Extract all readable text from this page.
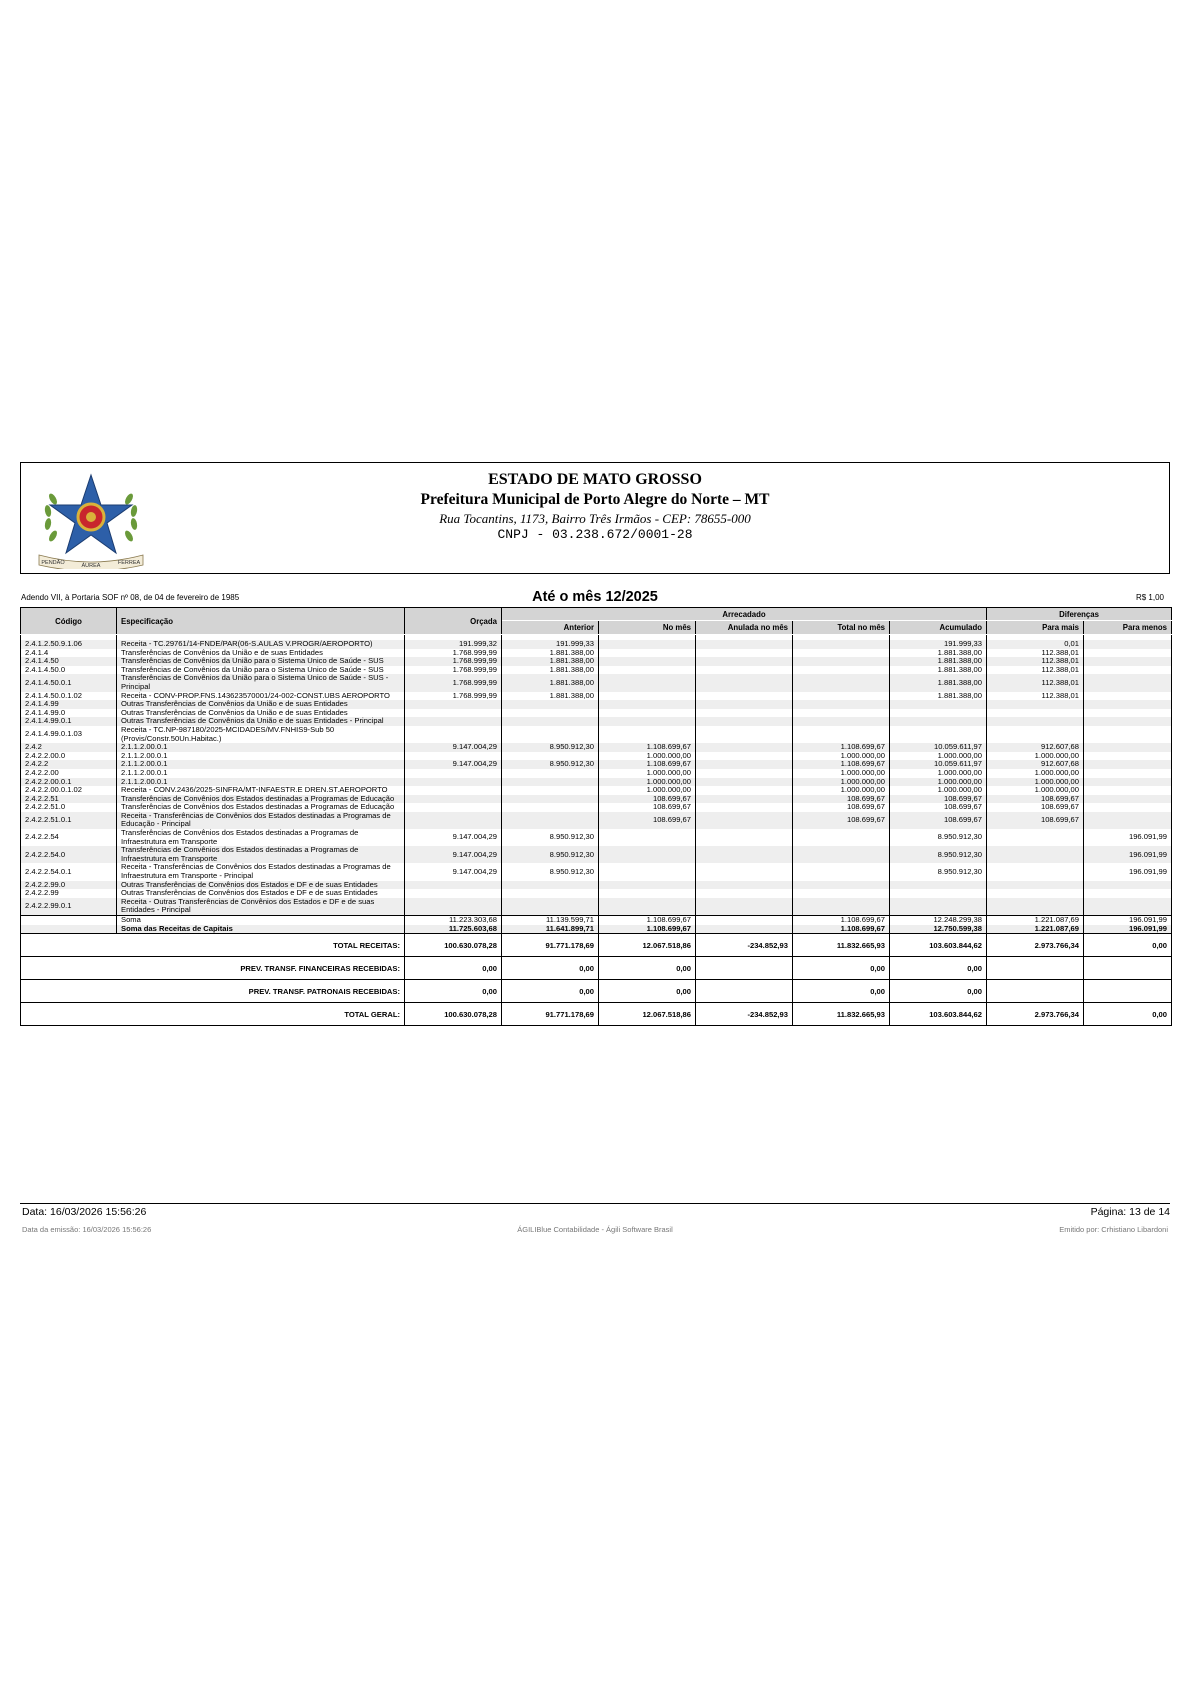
PENDÃO	ÁUREA	FERREA
ESTADO DE MATO GROSSO
Prefeitura Municipal de Porto Alegre do Norte – MT
Rua Tocantins, 1173, Bairro Três Irmãos - CEP: 78655-000
CNPJ - 03.238.672/0001-28
Adendo VII, à Portaria SOF nº 08, de 04 de fevereiro de 1985	Até o mês 12/2025	R$ 1,00
Código	Especificação	Orçada	Arrecadado					Diferenças	
			Anterior	No mês	Anulada no mês	Total no mês	Acumulado	Para mais	Para menos

2.4.1.2.50.9.1.06	Receita - TC.29761/14-FNDE/PAR(06-S.AULAS V.PROGR/AEROPORTO)	191.999,32	191.999,33				191.999,33	0,01	
2.4.1.4	Transferências de Convênios da União e de suas Entidades	1.768.999,99	1.881.388,00				1.881.388,00	112.388,01	
2.4.1.4.50	Transferências de Convênios da União para o Sistema Único de Saúde - SUS	1.768.999,99	1.881.388,00				1.881.388,00	112.388,01	
2.4.1.4.50.0	Transferências de Convênios da União para o Sistema Único de Saúde - SUS	1.768.999,99	1.881.388,00				1.881.388,00	112.388,01	
2.4.1.4.50.0.1	Transferências de Convênios da União para o Sistema Único de Saúde - SUS - Principal	1.768.999,99	1.881.388,00				1.881.388,00	112.388,01	
2.4.1.4.50.0.1.02	Receita - CONV-PROP.FNS.143623570001/24-002-CONST.UBS AEROPORTO	1.768.999,99	1.881.388,00				1.881.388,00	112.388,01	
2.4.1.4.99	Outras Transferências de Convênios da União e de suas Entidades								
2.4.1.4.99.0	Outras Transferências de Convênios da União e de suas Entidades								
2.4.1.4.99.0.1	Outras Transferências de Convênios da União e de suas Entidades - Principal								
2.4.1.4.99.0.1.03	Receita - TC.NP-987180/2025-MCIDADES/MV.FNHIS9-Sub 50 (Provis/Constr.50Un.Habitac.)								
2.4.2	2.1.1.2.00.0.1	9.147.004,29	8.950.912,30	1.108.699,67		1.108.699,67	10.059.611,97	912.607,68	
2.4.2.2.00.0	2.1.1.2.00.0.1			1.000.000,00		1.000.000,00	1.000.000,00	1.000.000,00	
2.4.2.2	2.1.1.2.00.0.1	9.147.004,29	8.950.912,30	1.108.699,67		1.108.699,67	10.059.611,97	912.607,68	
2.4.2.2.00	2.1.1.2.00.0.1			1.000.000,00		1.000.000,00	1.000.000,00	1.000.000,00	
2.4.2.2.00.0.1	2.1.1.2.00.0.1			1.000.000,00		1.000.000,00	1.000.000,00	1.000.000,00	
2.4.2.2.00.0.1.02	Receita - CONV.2436/2025-SINFRA/MT-INFAESTR.E DREN.ST.AEROPORTO			1.000.000,00		1.000.000,00	1.000.000,00	1.000.000,00	
2.4.2.2.51	Transferências de Convênios dos Estados destinadas a Programas de Educação			108.699,67		108.699,67	108.699,67	108.699,67	
2.4.2.2.51.0	Transferências de Convênios dos Estados destinadas a Programas de Educação			108.699,67		108.699,67	108.699,67	108.699,67	
2.4.2.2.51.0.1	Receita - Transferências de Convênios dos Estados destinadas a Programas de Educação - Principal			108.699,67		108.699,67	108.699,67	108.699,67	
2.4.2.2.54	Transferências de Convênios dos Estados destinadas a Programas de Infraestrutura em Transporte	9.147.004,29	8.950.912,30				8.950.912,30		196.091,99
2.4.2.2.54.0	Transferências de Convênios dos Estados destinadas a Programas de Infraestrutura em Transporte	9.147.004,29	8.950.912,30				8.950.912,30		196.091,99
2.4.2.2.54.0.1	Receita - Transferências de Convênios dos Estados destinadas a Programas de Infraestrutura em Transporte - Principal	9.147.004,29	8.950.912,30				8.950.912,30		196.091,99
2.4.2.2.99.0	Outras Transferências de Convênios dos Estados e DF e de suas Entidades								
2.4.2.2.99	Outras Transferências de Convênios dos Estados e DF e de suas Entidades								
2.4.2.2.99.0.1	Receita - Outras Transferências de Convênios dos Estados e DF e de suas Entidades - Principal								
	Soma	11.223.303,68	11.139.599,71	1.108.699,67		1.108.699,67	12.248.299,38	1.221.087,69	196.091,99
	Soma das Receitas de Capitais	11.725.603,68	11.641.899,71	1.108.699,67		1.108.699,67	12.750.599,38	1.221.087,69	196.091,99
TOTAL RECEITAS:		100.630.078,28	91.771.178,69	12.067.518,86	-234.852,93	11.832.665,93	103.603.844,62	2.973.766,34	0,00
PREV. TRANSF. FINANCEIRAS RECEBIDAS:		0,00	0,00	0,00		0,00	0,00		
PREV. TRANSF. PATRONAIS RECEBIDAS:		0,00	0,00	0,00		0,00	0,00		
TOTAL GERAL:		100.630.078,28	91.771.178,69	12.067.518,86	-234.852,93	11.832.665,93	103.603.844,62	2.973.766,34	0,00
Data: 16/03/2026 15:56:26	Página: 13 de 14
Data da emissão: 16/03/2026 15:56:26	ÁGILIBlue Contabilidade - Ágili Software Brasil	Emitido por: Crhistiano Libardoni
